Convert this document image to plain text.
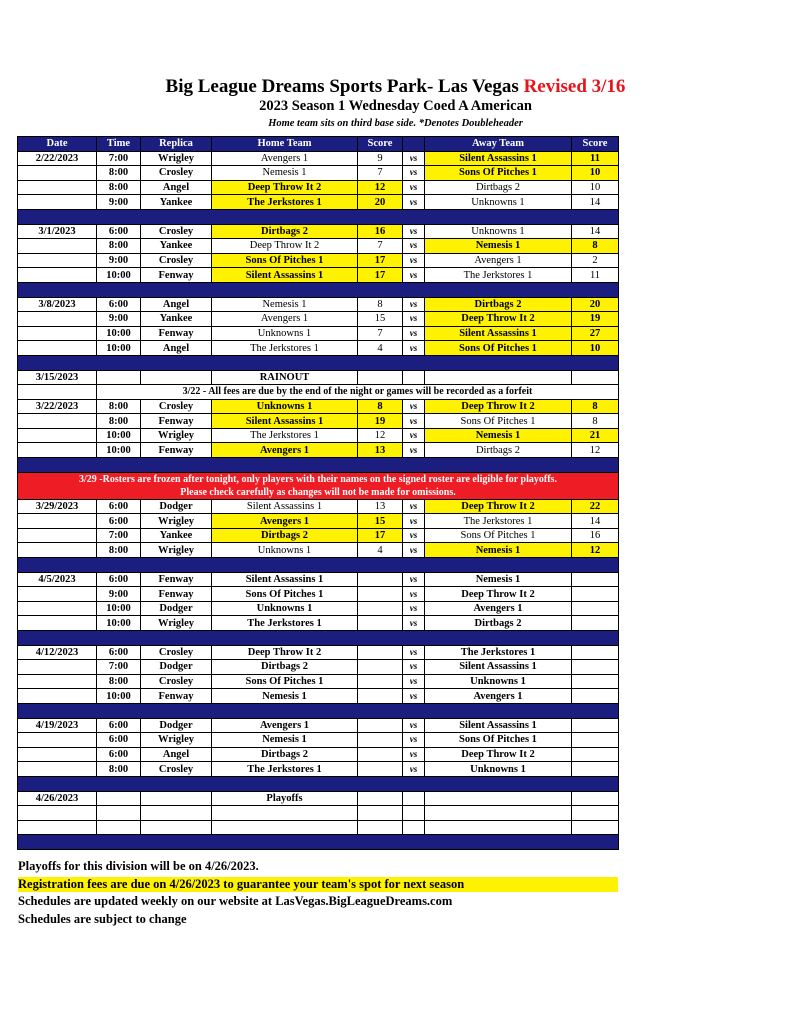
Big League Dreams Sports Park- Las Vegas Revised 3/16
2023 Season 1 Wednesday Coed A American
Home team sits on third base side. *Denotes Doubleheader
Date	Time	Replica	Home Team	Score		Away Team	Score
2/22/2023	7:00	Wrigley	Avengers 1	9	vs	Silent Assassins 1	11
	8:00	Crosley	Nemesis 1	7	vs	Sons Of Pitches 1	10
	8:00	Angel	Deep Throw It 2	12	vs	Dirtbags 2	10
	9:00	Yankee	The Jerkstores 1	20	vs	Unknowns 1	14

3/1/2023	6:00	Crosley	Dirtbags 2	16	vs	Unknowns 1	14
	8:00	Yankee	Deep Throw It 2	7	vs	Nemesis 1	8
	9:00	Crosley	Sons Of Pitches 1	17	vs	Avengers 1	2
	10:00	Fenway	Silent Assassins 1	17	vs	The Jerkstores 1	11

3/8/2023	6:00	Angel	Nemesis 1	8	vs	Dirtbags 2	20
	9:00	Yankee	Avengers 1	15	vs	Deep Throw It 2	19
	10:00	Fenway	Unknowns 1	7	vs	Silent Assassins 1	27
	10:00	Angel	The Jerkstores 1	4	vs	Sons Of Pitches 1	10

3/15/2023			RAINOUT				
	3/22 - All fees are due by the end of the night or games will be recorded as a forfeit						
3/22/2023	8:00	Crosley	Unknowns 1	8	vs	Deep Throw It 2	8
	8:00	Fenway	Silent Assassins 1	19	vs	Sons Of Pitches 1	8
	10:00	Wrigley	The Jerkstores 1	12	vs	Nemesis 1	21
	10:00	Fenway	Avengers 1	13	vs	Dirtbags 2	12

3/29 -Rosters are frozen after tonight, only players with their names on the signed roster are eligible for playoffs.
Please check carefully as changes will not be made for omissions.							

3/29/2023	6:00	Dodger	Silent Assassins 1	13	vs	Deep Throw It 2	22
	6:00	Wrigley	Avengers 1	15	vs	The Jerkstores 1	14
	7:00	Yankee	Dirtbags 2	17	vs	Sons Of Pitches 1	16
	8:00	Wrigley	Unknowns 1	4	vs	Nemesis 1	12

4/5/2023	6:00	Fenway	Silent Assassins 1		vs	Nemesis 1	
	9:00	Fenway	Sons Of Pitches 1		vs	Deep Throw It 2	
	10:00	Dodger	Unknowns 1		vs	Avengers 1	
	10:00	Wrigley	The Jerkstores 1		vs	Dirtbags 2	

4/12/2023	6:00	Crosley	Deep Throw It 2		vs	The Jerkstores 1	
	7:00	Dodger	Dirtbags 2		vs	Silent Assassins 1	
	8:00	Crosley	Sons Of Pitches 1		vs	Unknowns 1	
	10:00	Fenway	Nemesis 1		vs	Avengers 1	

4/19/2023	6:00	Dodger	Avengers 1		vs	Silent Assassins 1	
	6:00	Wrigley	Nemesis 1		vs	Sons Of Pitches 1	
	6:00	Angel	Dirtbags 2		vs	Deep Throw It 2	
	8:00	Crosley	The Jerkstores 1		vs	Unknowns 1	

4/26/2023			Playoffs				

Playoffs for this division will be on 4/26/2023.
Registration fees are due on 4/26/2023 to guarantee your team's spot for next season
Schedules are updated weekly on our website at LasVegas.BigLeagueDreams.com
Schedules are subject to change
